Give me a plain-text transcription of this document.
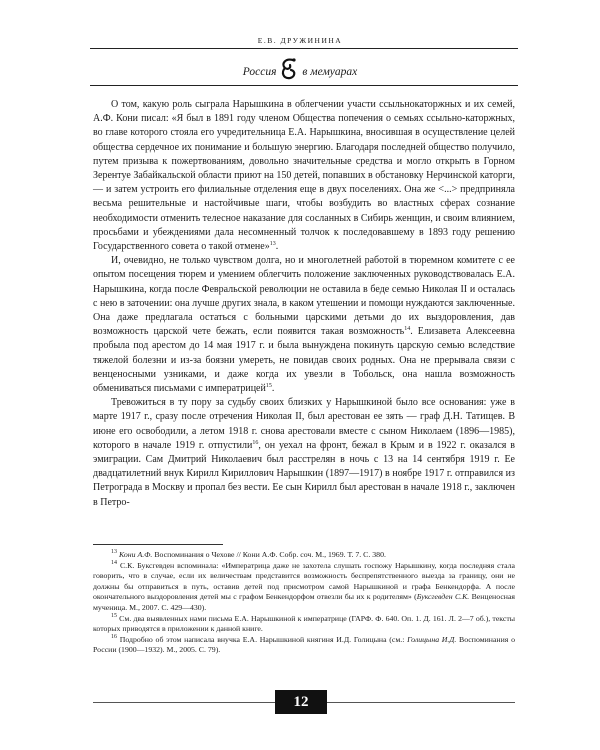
Е.В. ДРУЖИНИНА
Россия в мемуарах

О том, какую роль сыграла Нарышкина в облегчении участи ссыльнокаторжных и их семей, А.Ф. Кони писал: «Я был в 1891 году членом Общества попечения о семьях ссыльно-каторжных, во главе которого стояла его учредительница Е.А. Нарышкина, вносившая в осуществление целей общества сердечное их понимание и большую энергию. Благодаря последней общество получило, путем призыва к пожертвованиям, довольно значительные средства и могло открыть в Горном Зерентуе Забайкальской области приют на 150 детей, попавших в обстановку Нерчинской каторги, — и затем устроить его филиальные отделения еще в двух поселениях. Она же <...> предприняла весьма решительные и настойчивые шаги, чтобы возбудить во властных сферах сознание необходимости отменить телесное наказание для сосланных в Сибирь женщин, и своим влиянием, просьбами и убеждениями дала несомненный толчок к последовавшему в 1893 году решению Государственного совета о такой отмене»$^{13}$.

И, очевидно, не только чувством долга, но и многолетней работой в тюремном комитете с ее опытом посещения тюрем и умением облегчить положение заключенных руководствовалась Е.А. Нарышкина, когда после Февральской революции не оставила в беде семью Николая II и осталась с нею в заточении: она лучше других знала, в каком утешении и помощи нуждаются заключенные. Она даже предлагала остаться с больными царскими детьми до их выздоровления, дав возможность царской чете бежать, если появится такая возможность$^{14}$. Елизавета Алексеевна пробыла под арестом до 14 мая 1917 г. и была вынуждена покинуть царскую семью вследствие тяжелой болезни и из-за боязни умереть, не повидав своих родных. Она не прерывала связи с венценосными узниками, и даже когда их увезли в Тобольск, она нашла возможность обмениваться письмами с императрицей$^{15}$.

Тревожиться в ту пору за судьбу своих близких у Нарышкиной было все основания: уже в марте 1917 г., сразу после отречения Николая II, был арестован ее зять — граф Д.Н. Татищев. В июне его освободили, а летом 1918 г. снова арестовали вместе с сыном Николаем (1896—1985), которого в начале 1919 г. отпустили$^{16}$, он уехал на фронт, бежал в Крым и в 1922 г. оказался в эмиграции. Сам Дмитрий Николаевич был расстрелян в ночь с 13 на 14 сентября 1919 г. Ее двадцатилетний внук Кирилл Кириллович Нарышкин (1897—1917) в ноябре 1917 г. отправился из Петрограда в Москву и пропал без вести. Ее сын Кирилл был арестован в начале 1918 г., заключен в Петро-

$^{13}$ Кони А.Ф. Воспоминания о Чехове // Кони А.Ф. Собр. соч. М., 1969. Т. 7. С. 380.

$^{14}$ С.К. Буксгевден вспоминала: «Императрица даже не захотела слушать госпожу Нарышкину, когда последняя стала говорить, что в случае, если их величествам представится возможность беспрепятственного выезда за границу, они не должны бы отправиться в путь, оставив детей под присмотром самой Нарышкиной и графа Бенкендорфа. А после окончательного выздоровления детей мы с графом Бенкендорфом отвезли бы их к родителям» (Буксгевден С.К. Венценосная мученица. М., 2007. С. 429—430).

$^{15}$ См. два выявленных нами письма Е.А. Нарышкиной к императрице (ГАРФ. Ф. 640. Оп. 1. Д. 161. Л. 2—7 об.), тексты которых приводятся в приложении к данной книге.

$^{16}$ Подробно об этом написала внучка Е.А. Нарышкиной княгиня И.Д. Голицына (см.: Голицына И.Д. Воспоминания о России (1900—1932). М., 2005. С. 79).

12
